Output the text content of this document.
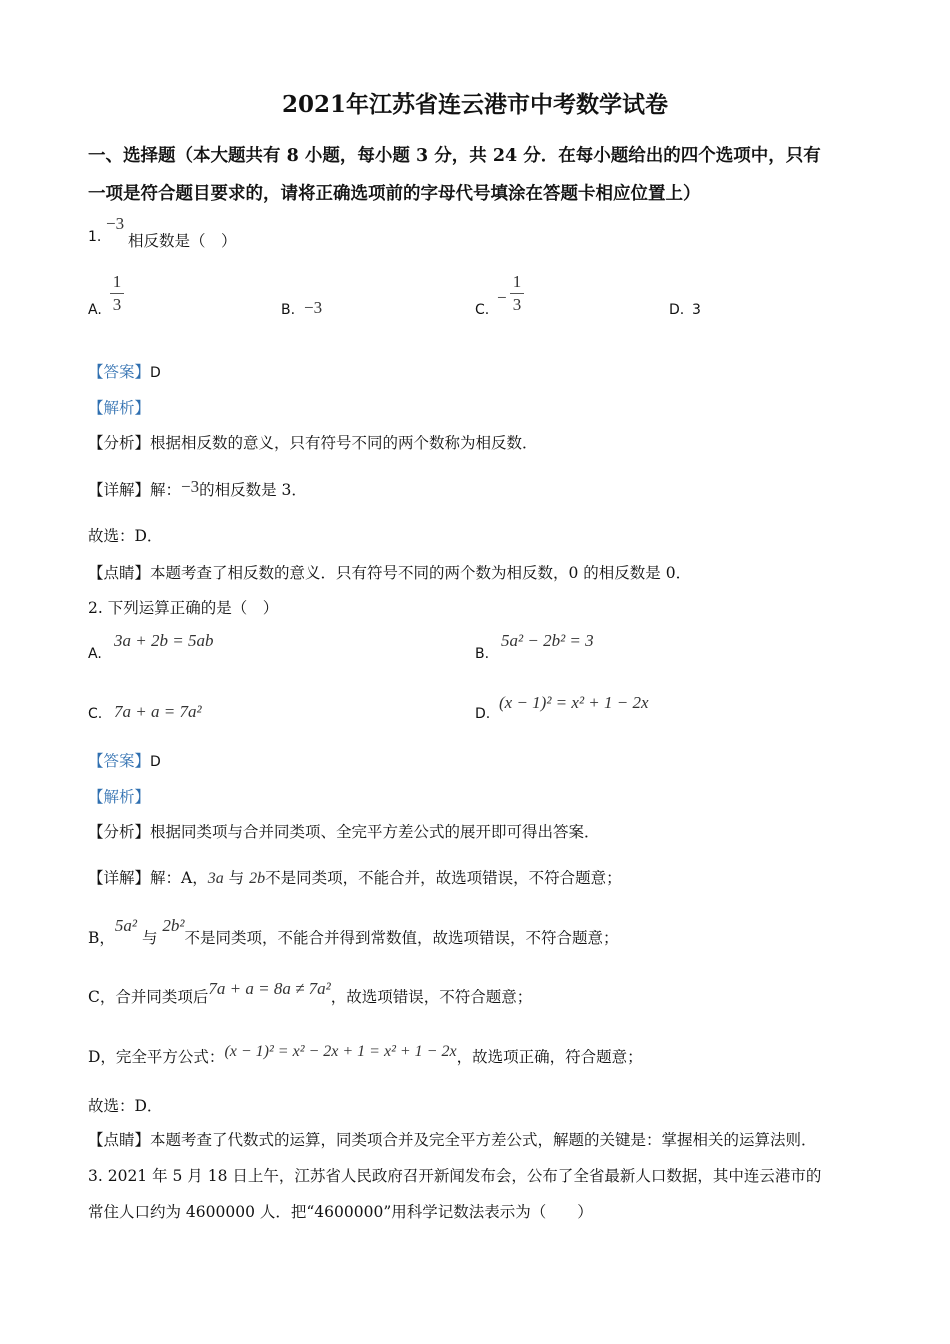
2021年江苏省连云港市中考数学试卷
一、选择题（本大题共有 8 小题，每小题 3 分，共 24 分．在每小题给出的四个选项中，只有
一项是符合题目要求的，请将正确选项前的字母代号填涂在答题卡相应位置上）
1.
−3
相反数是（　）
A.
1
3	B. −3	C.
−
1
3	D. 3
【答案】D
【解析】
【分析】根据相反数的意义，只有符号不同的两个数称为相反数．
【详解】解：−3的相反数是 3．
故选：D．
【点睛】本题考查了相反数的意义．只有符号不同的两个数为相反数，0 的相反数是 0．
2. 下列运算正确的是（　）
A.
3a + 2b = 5ab
B.
5a² − 2b² = 3
C. 7a + a = 7a²	D.
(x − 1)² = x² + 1 − 2x
【答案】D
【解析】
【分析】根据同类项与合并同类项、全完平方差公式的展开即可得出答案．
【详解】解：A，3a 与 2b不是同类项，不能合并，故选项错误，不符合题意；
B，5a² 与 2b²不是同类项，不能合并得到常数值，故选项错误，不符合题意；
C，合并同类项后7a + a = 8a ≠ 7a²，故选项错误，不符合题意；
D，完全平方公式：(x − 1)² = x² − 2x + 1 = x² + 1 − 2x，故选项正确，符合题意；
故选：D．
【点睛】本题考查了代数式的运算，同类项合并及完全平方差公式，解题的关键是：掌握相关的运算法则．
3. 2021 年 5 月 18 日上午，江苏省人民政府召开新闻发布会，公布了全省最新人口数据，其中连云港市的
常住人口约为 4600000 人．把“4600000”用科学记数法表示为（　　）
